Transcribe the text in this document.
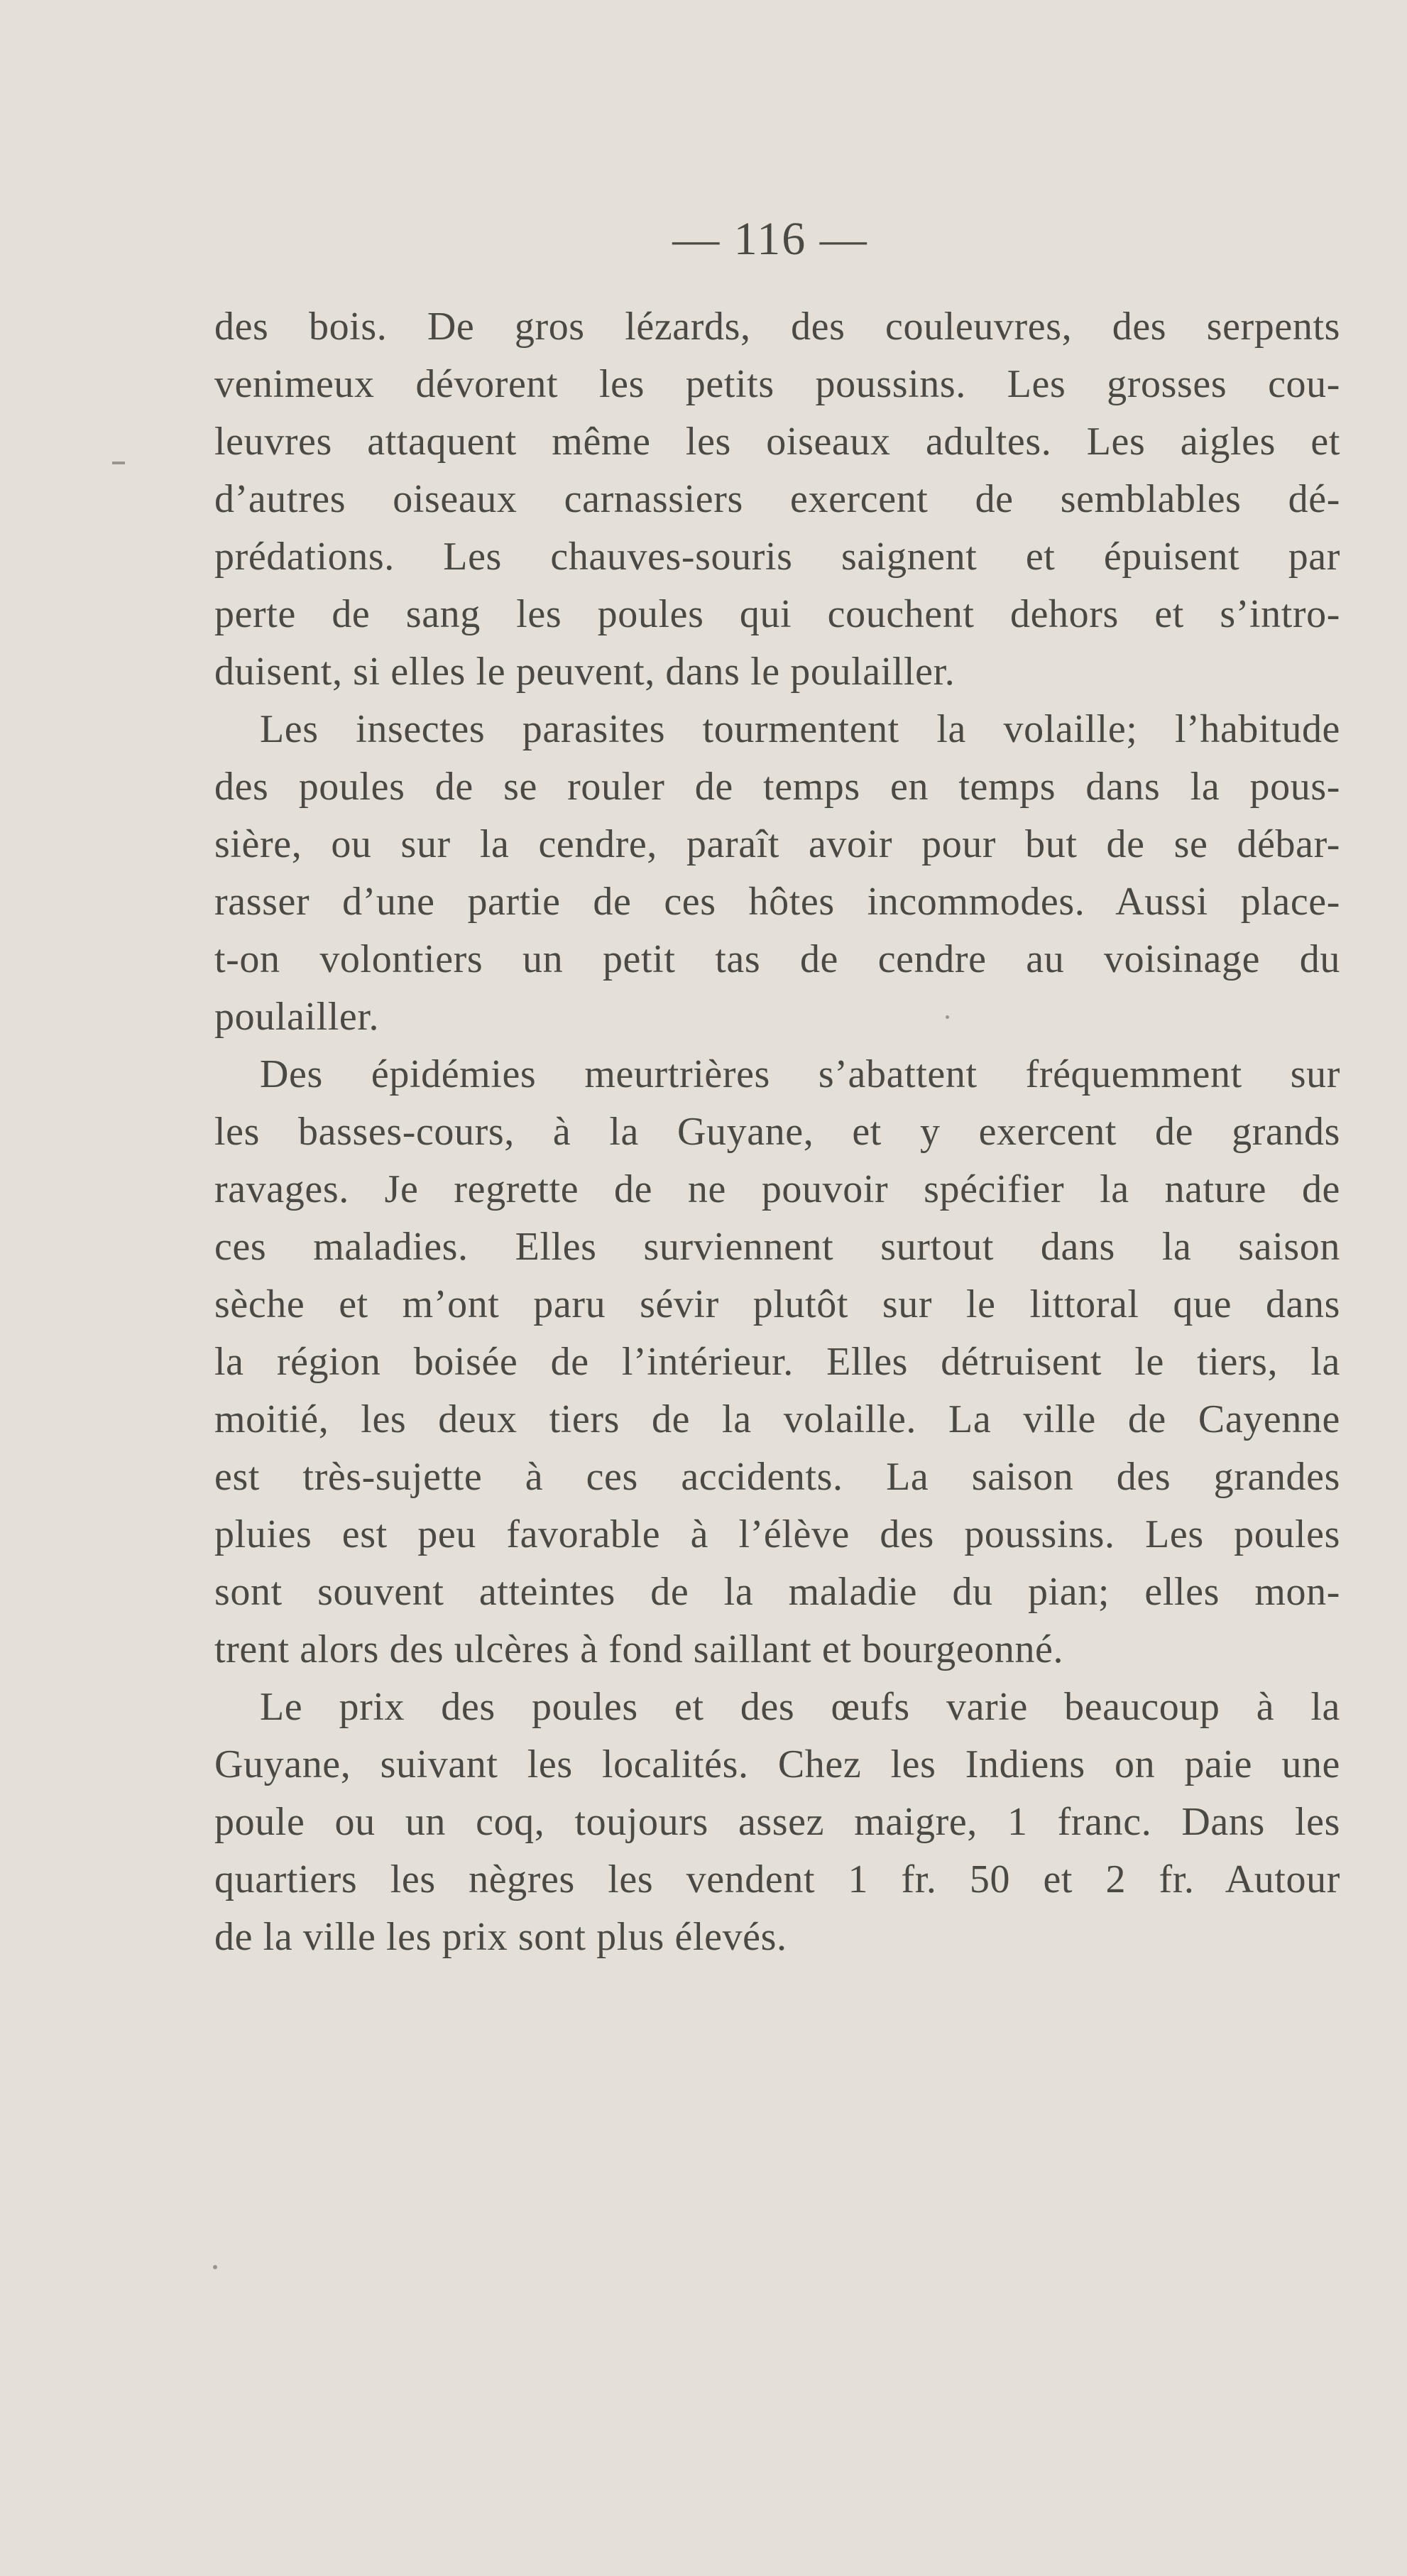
— 116 —
des bois. De gros lézards, des couleuvres, des serpents
venimeux dévorent les petits poussins. Les grosses cou-
leuvres attaquent même les oiseaux adultes. Les aigles et
d’autres oiseaux carnassiers exercent de semblables dé-
prédations. Les chauves-souris saignent et épuisent par
perte de sang les poules qui couchent dehors et s’intro-
duisent, si elles le peuvent, dans le poulailler.
Les insectes parasites tourmentent la volaille; l’habitude
des poules de se rouler de temps en temps dans la pous-
sière, ou sur la cendre, paraît avoir pour but de se débar-
rasser d’une partie de ces hôtes incommodes. Aussi place-
t-on volontiers un petit tas de cendre au voisinage du
poulailler.
Des épidémies meurtrières s’abattent fréquemment sur
les basses-cours, à la Guyane, et y exercent de grands
ravages. Je regrette de ne pouvoir spécifier la nature de
ces maladies. Elles surviennent surtout dans la saison
sèche et m’ont paru sévir plutôt sur le littoral que dans
la région boisée de l’intérieur. Elles détruisent le tiers, la
moitié, les deux tiers de la volaille. La ville de Cayenne
est très-sujette à ces accidents. La saison des grandes
pluies est peu favorable à l’élève des poussins. Les poules
sont souvent atteintes de la maladie du pian; elles mon-
trent alors des ulcères à fond saillant et bourgeonné.
Le prix des poules et des œufs varie beaucoup à la
Guyane, suivant les localités. Chez les Indiens on paie une
poule ou un coq, toujours assez maigre, 1 franc. Dans les
quartiers les nègres les vendent 1 fr. 50 et 2 fr. Autour
de la ville les prix sont plus élevés.
